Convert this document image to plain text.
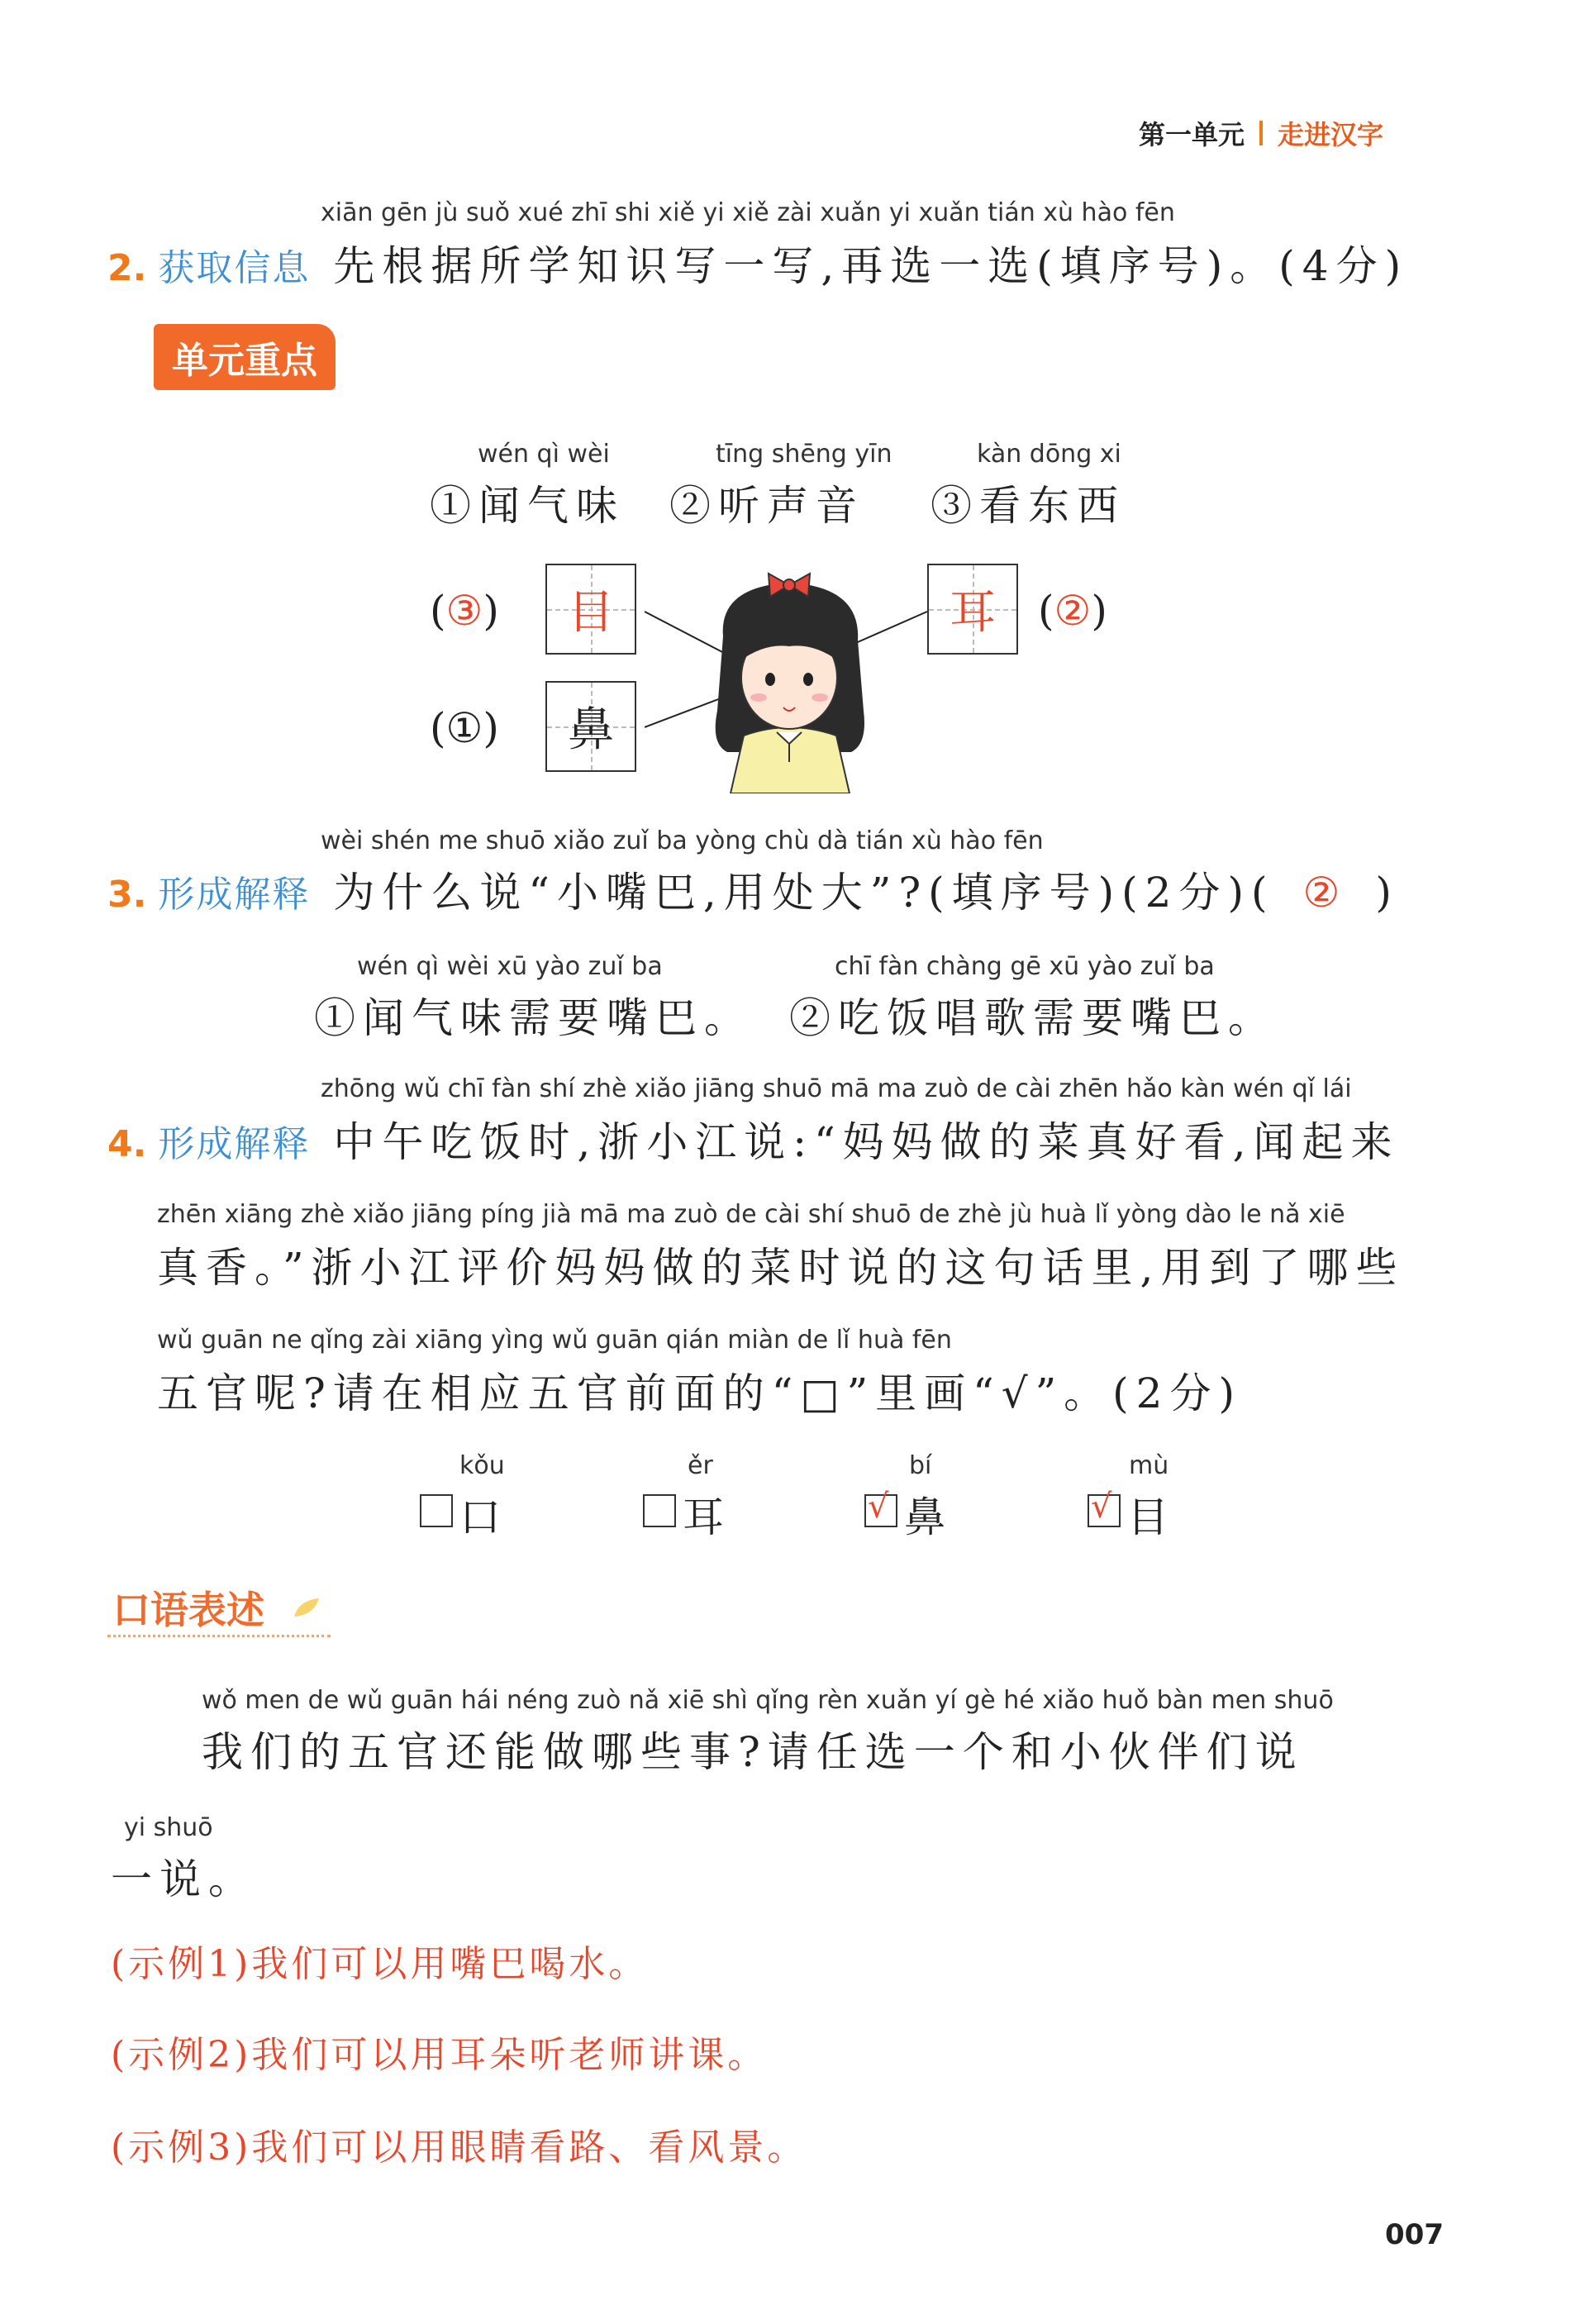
第一单元 走进汉字
xiān gēn jù suǒ xué zhī shi xiě yi xiě zài xuǎn yi xuǎn tián xù hào fēn
2. 获取信息 先根据所学知识写一写,再选一选(填序号)。(4分)
单元重点
wén qì wèi	tīng shēng yīn	kàn dōng xi
①闻气味 ②听声音 ③看东西
(③)	目	耳	(②)
(①)	鼻
wèi shén me shuō xiǎo zuǐ ba yòng chù dà tián xù hào fēn
3. 形成解释 为什么说“小嘴巴,用处大”?(填序号)(2分)( ② )
wén qì wèi xū yào zuǐ ba	chī fàn chàng gē xū yào zuǐ ba
①闻气味需要嘴巴。 ②吃饭唱歌需要嘴巴。
zhōng wǔ chī fàn shí zhè xiǎo jiāng shuō mā ma zuò de cài zhēn hǎo kàn wén qǐ lái
4. 形成解释 中午吃饭时,浙小江说:“妈妈做的菜真好看,闻起来
zhēn xiāng zhè xiǎo jiāng píng jià mā ma zuò de cài shí shuō de zhè jù huà lǐ yòng dào le nǎ xiē
真香。”浙小江评价妈妈做的菜时说的这句话里,用到了哪些
wǔ guān ne qǐng zài xiāng yìng wǔ guān qián miàn de lǐ huà fēn
五官呢?请在相应五官前面的“□”里画“√”。(2分)
kǒu	ěr	bí	mù
口	耳	√ 鼻	√ 目
口语表述
wǒ men de wǔ guān hái néng zuò nǎ xiē shì qǐng rèn xuǎn yí gè hé xiǎo huǒ bàn men shuō
我们的五官还能做哪些事?请任选一个和小伙伴们说
yi shuō
一说。
(示例1)我们可以用嘴巴喝水。
(示例2)我们可以用耳朵听老师讲课。
(示例3)我们可以用眼睛看路、看风景。
007
